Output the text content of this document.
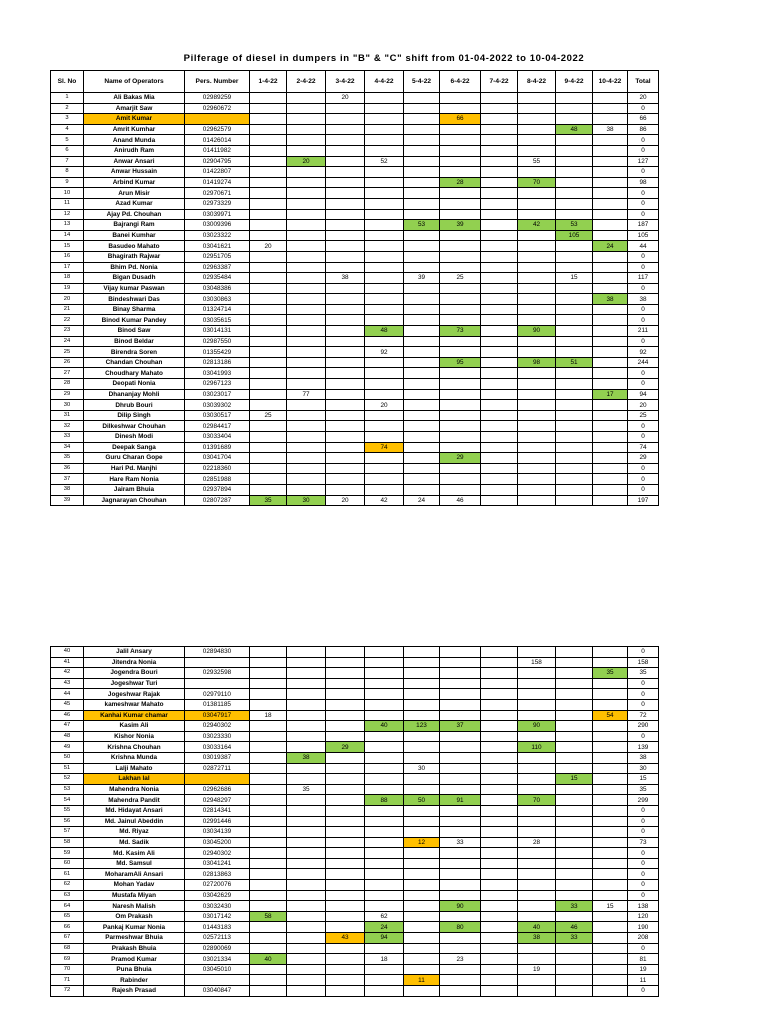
Pilferage of diesel in dumpers in "B" & "C" shift from 01-04-2022 to 10-04-2022
Sl. No	Name of Operators	Pers. Number	1-4-22	2-4-22	3-4-22	4-4-22	5-4-22	6-4-22	7-4-22	8-4-22	9-4-22	10-4-22	Total
1	Ali Bakas Mia	02989259			20								20
2	Amarjit Saw	02960672											0
3	Amit Kumar							66					66
4	Amrit Kumhar	02962579									48	38	86
5	Anand Munda	01426014											0
6	Anirudh Ram	01411982											0
7	Anwar Ansari	02904795		20		52				55			127
8	Anwar Hussain	01422807											0
9	Arbind Kumar	01419274						28		70			98
10	Arun Misir	02970671											0
11	Azad Kumar	02973329											0
12	Ajay Pd. Chouhan	03039971											0
13	Bajrangi Ram	03009396					53	39		42	53		187
14	Banei Kumhar	03023322									105		105
15	Basudeo Mahato	03041621	20									24	44
16	Bhagirath Rajwar	02951705											0
17	Bhim Pd. Nonia	02963387											0
18	Bigan Dusadh	02935484			38		39	25			15		117
19	Vijay kumar Paswan	03048386											0
20	Bindeshwari Das	03030863										38	38
21	Binay Sharma	01324714											0
22	Binod Kumar Pandey	03035615											0
23	Binod Saw	03014131				48		73		90			211
24	Binod Beldar	02987550											0
25	Birendra Soren	01355429				92							92
26	Chandan Chouhan	02813186						95		98	51		244
27	Choudhary Mahato	03041993											0
28	Deopati Nonia	02967123											0
29	Dhananjay Mohli	03023017		77								17	94
30	Dhrub Bouri	03039302				20							20
31	Dilip Singh	03030517	25										25
32	Dilkeshwar Chouhan	02984417											0
33	Dinesh Modi	03033404											0
34	Deepak Sanga	01391689				74							74
35	Guru Charan Gope	03041704						29					29
36	Hari Pd. Manjhi	02218360											0
37	Hare Ram Nonia	02851988											0
38	Jairam Bhuia	02937894											0
39	Jagnarayan Chouhan	02807287	35	30	20	42	24	46					197
40	Jalil Ansary	02894830											0
41	Jitendra Nonia									158			158
42	Jogendra Bouri	02932598										35	35
43	Jogeshwar Turi												0
44	Jogeshwar Rajak	02979110											0
45	kameshwar Mahato	01381185											0
46	Kanhai Kumar chamar	03047917	18									54	72
47	Kasim Ali	02940302				40	123	37		90			290
48	Kishor Nonia	03023330											0
49	Krishna Chouhan	03033164			29					110			139
50	Krishna Munda	03019387		38									38
51	Lalji Mahato	02872711					30						30
52	Lakhan lal										15		15
53	Mahendra Nonia	02962686		35									35
54	Mahendra Pandit	02948297				88	50	91		70			299
55	Md. Hidayat Ansari	02814341											0
56	Md. Jainul Abeddin	02991446											0
57	Md. Riyaz	03034139											0
58	Md. Sadik	03045200					12	33		28			73
59	Md. Kasim Ali	02940302											0
60	Md. Samsul	03041241											0
61	MoharamAli Ansari	02813863											0
62	Mohan Yadav	02720076											0
63	Mustafa Miyan	03042629											0
64	Naresh Malish	03032430						90			33	15	138
65	Om Prakash	03017142	58			62							120
66	Pankaj Kumar Nonia	01443183				24		80		40	46		190
67	Parmeshwar Bhuia	02572113			43	94				38	33		208
68	Prakash Bhuia	02890069											0
69	Pramod Kumar	03021334	40			18		23					81
70	Puna Bhuia	03045010								19			19
71	Rabinder						11						11
72	Rajesh Prasad	03040847											0
